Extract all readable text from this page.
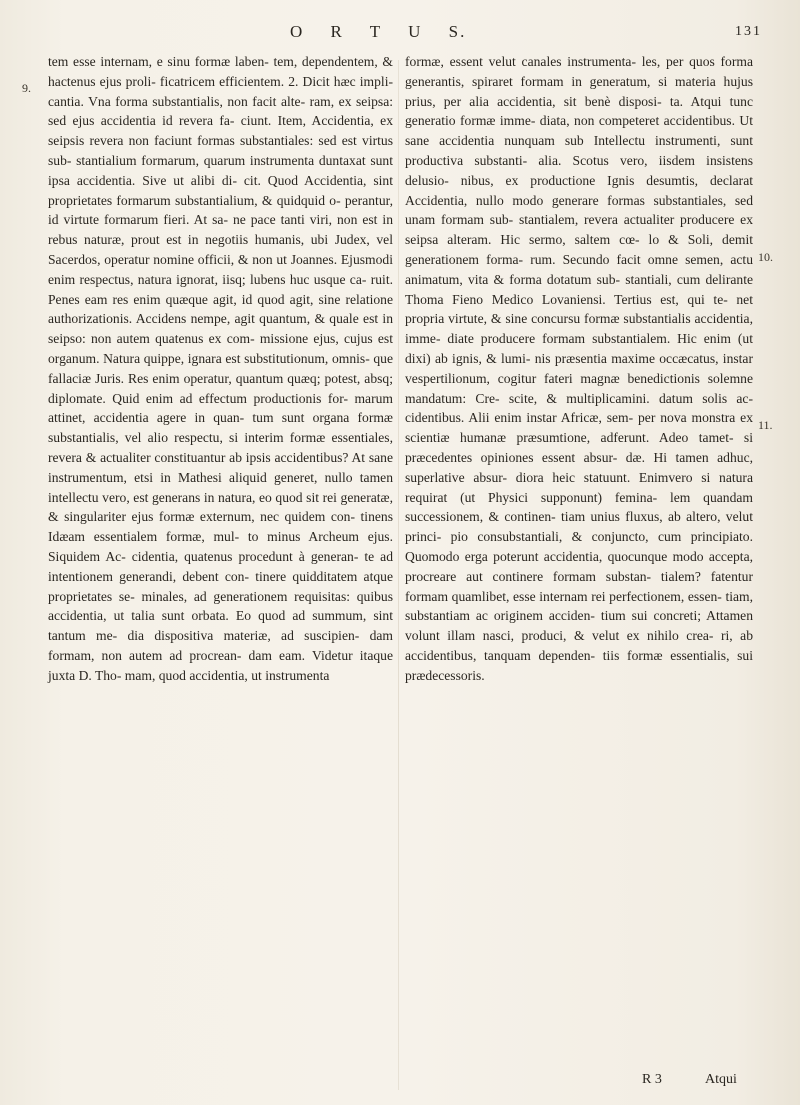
O R T U S.	131
9.
10.
11.

tem esse internam, e sinu formæ laben- tem, dependentem, & hactenus ejus proli- ficatricem efficientem. 2. Dicit hæc impli- cantia. Vna forma substantialis, non facit alte- ram, ex seipsa: sed ejus accidentia id revera fa- ciunt. Item, Accidentia, ex seipsis revera non faciunt formas substantiales: sed est virtus sub- stantialium formarum, quarum instrumenta duntaxat sunt ipsa accidentia. Sive ut alibi di- cit. Quod Accidentia, sint proprietates formarum substantialium, & quidquid o- perantur, id virtute formarum fieri. At sa- ne pace tanti viri, non est in rebus naturæ, prout est in negotiis humanis, ubi Judex, vel Sacerdos, operatur nomine officii, & non ut Joannes. Ejusmodi enim respectus, natura ignorat, iisq; lubens huc usque ca- ruit. Penes eam res enim quæque agit, id quod agit, sine relatione authorizationis. Accidens nempe, agit quantum, & quale est in seipso: non autem quatenus ex com- missione ejus, cujus est organum. Natura quippe, ignara est substitutionum, omnis- que fallaciæ Juris. Res enim operatur, quantum quæq; potest, absq; diplomate. Quid enim ad effectum productionis for- marum attinet, accidentia agere in quan- tum sunt organa formæ substantialis, vel alio respectu, si interim formæ essentiales, revera & actualiter constituantur ab ipsis accidentibus? At sane instrumentum, etsi in Mathesi aliquid generet, nullo tamen intellectu vero, est generans in natura, eo quod sit rei generatæ, & singulariter ejus formæ externum, nec quidem con- tinens Idæam essentialem formæ, mul- to minus Archeum ejus. Siquidem Ac- cidentia, quatenus procedunt à generan- te ad intentionem generandi, debent con- tinere quidditatem atque proprietates se- minales, ad generationem requisitas: quibus accidentia, ut talia sunt orbata. Eo quod ad summum, sint tantum me- dia dispositiva materiæ, ad suscipien- dam formam, non autem ad procrean- dam eam. Videtur itaque juxta D. Tho- mam, quod accidentia, ut instrumenta

formæ, essent velut canales instrumenta- les, per quos forma generantis, spiraret formam in generatum, si materia hujus prius, per alia accidentia, sit benè disposi- ta. Atqui tunc generatio formæ imme- diata, non competeret accidentibus. Ut sane accidentia nunquam sub Intellectu instrumenti, sunt productiva substanti- alia. Scotus vero, iisdem insistens delusio- nibus, ex productione Ignis desumtis, declarat Accidentia, nullo modo generare formas substantiales, sed unam formam sub- stantialem, revera actualiter producere ex seipsa alteram. Hic sermo, saltem cœ- lo & Soli, demit generationem forma- rum. Secundo facit omne semen, actu animatum, vita & forma dotatum sub- stantiali, cum delirante Thoma Fieno Medico Lovaniensi. Tertius est, qui te- net propria virtute, & sine concursu formæ substantialis accidentia, imme- diate producere formam substantialem. Hic enim (ut dixi) ab ignis, & lumi- nis præsentia maxime occæcatus, instar vespertilionum, cogitur fateri magnæ benedictionis solemne mandatum: Cre- scite, & multiplicamini. datum solis ac- cidentibus. Alii enim instar Africæ, sem- per nova monstra ex scientiæ humanæ præsumtione, adferunt. Adeo tamet- si præcedentes opiniones essent absur- dæ. Hi tamen adhuc, superlative absur- diora heic statuunt. Enimvero si natura requirat (ut Physici supponunt) femina- lem quandam successionem, & continen- tiam unius fluxus, ab altero, velut princi- pio consubstantiali, & conjuncto, cum principiato. Quomodo erga poterunt accidentia, quocunque modo accepta, procreare aut continere formam substan- tialem? fatentur formam quamlibet, esse internam rei perfectionem, essen- tiam, substantiam ac originem acciden- tium sui concreti; Attamen volunt illam nasci, produci, & velut ex nihilo crea- ri, ab accidentibus, tanquam dependen- tiis formæ essentialis, sui prædecessoris.

R 3	Atqui
